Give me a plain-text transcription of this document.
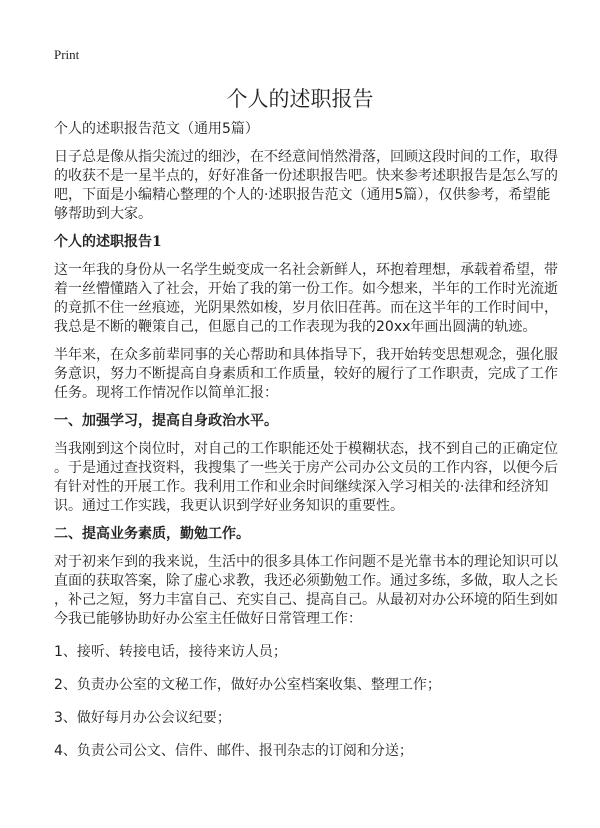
Print
个人的述职报告

个人的述职报告范文（通用5篇）

日子总是像从指尖流过的细沙，在不经意间悄然滑落，回顾这段时间的工作，取得
的收获不是一星半点的，好好准备一份述职报告吧。快来参考述职报告是怎么写的
吧，下面是小编精心整理的个人的·述职报告范文（通用5篇），仅供参考，希望能
够帮助到大家。

个人的述职报告1

这一年我的身份从一名学生蜕变成一名社会新鲜人，环抱着理想，承载着希望，带
着一丝懵懂踏入了社会，开始了我的第一份工作。如今想来，半年的工作时光流逝
的竟抓不住一丝痕迹，光阴果然如梭，岁月依旧荏苒。而在这半年的工作时间中，
我总是不断的鞭策自己，但愿自己的工作表现为我的20xx年画出圆满的轨迹。

半年来，在众多前辈同事的关心帮助和具体指导下，我开始转变思想观念，强化服
务意识，努力不断提高自身素质和工作质量，较好的履行了工作职责，完成了工作
任务。现将工作情况作以简单汇报：

一、加强学习，提高自身政治水平。

当我刚到这个岗位时，对自己的工作职能还处于模糊状态，找不到自己的正确定位
。于是通过查找资料，我搜集了一些关于房产公司办公文员的工作内容，以便今后
有针对性的开展工作。我利用工作和业余时间继续深入学习相关的·法律和经济知
识。通过工作实践，我更认识到学好业务知识的重要性。

二、提高业务素质，勤勉工作。

对于初来乍到的我来说，生活中的很多具体工作问题不是光靠书本的理论知识可以
直面的获取答案，除了虚心求教，我还必须勤勉工作。通过多练，多做，取人之长
，补己之短，努力丰富自己、充实自己、提高自己。从最初对办公环境的陌生到如
今我已能够协助好办公室主任做好日常管理工作：

1、接听、转接电话，接待来访人员；

2、负责办公室的文秘工作，做好办公室档案收集、整理工作；

3、做好每月办公会议纪要；

4、负责公司公文、信件、邮件、报刊杂志的订阅和分送；
